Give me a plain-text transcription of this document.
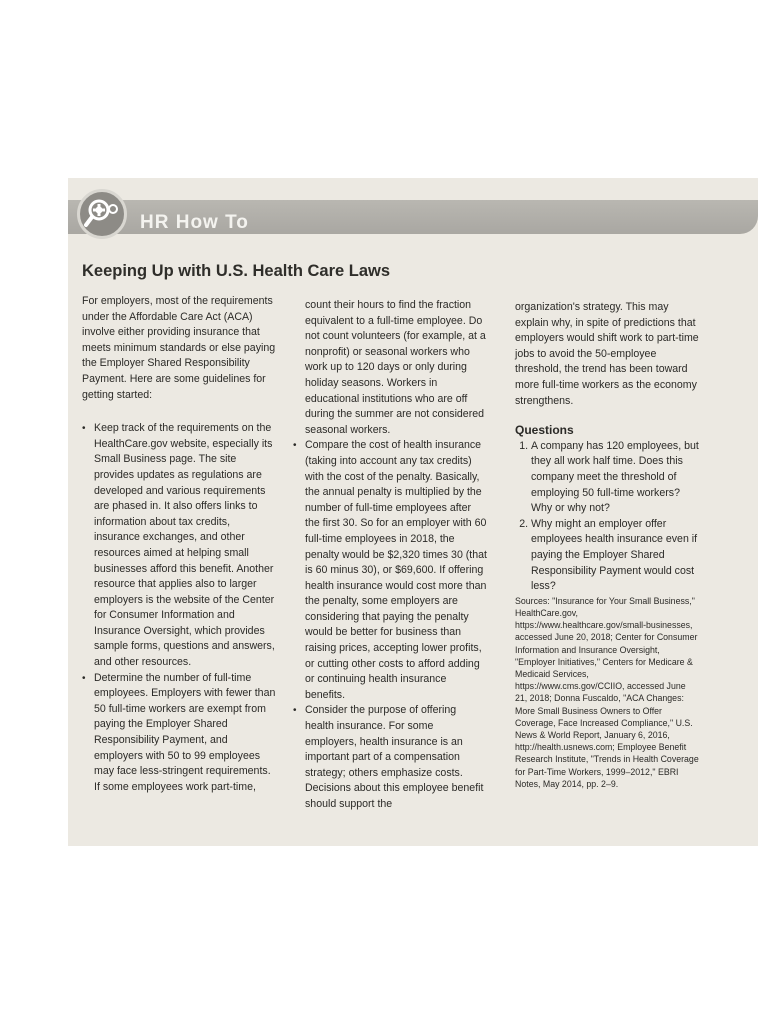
HR How To
Keeping Up with U.S. Health Care Laws

For employers, most of the requirements under the Affordable Care Act (ACA) involve either providing insurance that meets minimum standards or else paying the Employer Shared Responsibility Payment. Here are some guidelines for getting started:

• Keep track of the requirements on the HealthCare.gov website, especially its Small Business page. The site provides updates as regulations are developed and various requirements are phased in. It also offers links to information about tax credits, insurance exchanges, and other resources aimed at helping small businesses afford this benefit. Another resource that applies also to larger employers is the website of the Center for Consumer Information and Insurance Oversight, which provides sample forms, questions and answers, and other resources.
• Determine the number of full-time employees. Employers with fewer than 50 full-time workers are exempt from paying the Employer Shared Responsibility Payment, and employers with 50 to 99 employees may face less-stringent requirements. If some employees work part-time,

count their hours to find the fraction equivalent to a full-time employee. Do not count volunteers (for example, at a nonprofit) or seasonal workers who work up to 120 days or only during holiday seasons. Workers in educational institutions who are off during the summer are not considered seasonal workers.

• Compare the cost of health insurance (taking into account any tax credits) with the cost of the penalty. Basically, the annual penalty is multiplied by the number of full-time employees after the first 30. So for an employer with 60 full-time employees in 2018, the penalty would be $2,320 times 30 (that is 60 minus 30), or $69,600. If offering health insurance would cost more than the penalty, some employers are considering that paying the penalty would be better for business than raising prices, accepting lower profits, or cutting other costs to afford adding or continuing health insurance benefits.
• Consider the purpose of offering health insurance. For some employers, health insurance is an important part of a compensation strategy; others emphasize costs. Decisions about this employee benefit should support the

organization's strategy. This may explain why, in spite of predictions that employers would shift work to part-time jobs to avoid the 50-employee threshold, the trend has been toward more full-time workers as the economy strengthens.

Questions

1. A company has 120 employees, but they all work half time. Does this company meet the threshold of employing 50 full-time workers? Why or why not?
2. Why might an employer offer employees health insurance even if paying the Employer Shared Responsibility Payment would cost less?

Sources: "Insurance for Your Small Business," HealthCare.gov, https://www.healthcare.gov/small-businesses, accessed June 20, 2018; Center for Consumer Information and Insurance Oversight, "Employer Initiatives," Centers for Medicare & Medicaid Services, https://www.cms.gov/CCIIO, accessed June 21, 2018; Donna Fuscaldo, "ACA Changes: More Small Business Owners to Offer Coverage, Face Increased Compliance," U.S. News & World Report, January 6, 2016, http://health.usnews.com; Employee Benefit Research Institute, "Trends in Health Coverage for Part-Time Workers, 1999–2012," EBRI Notes, May 2014, pp. 2–9.
